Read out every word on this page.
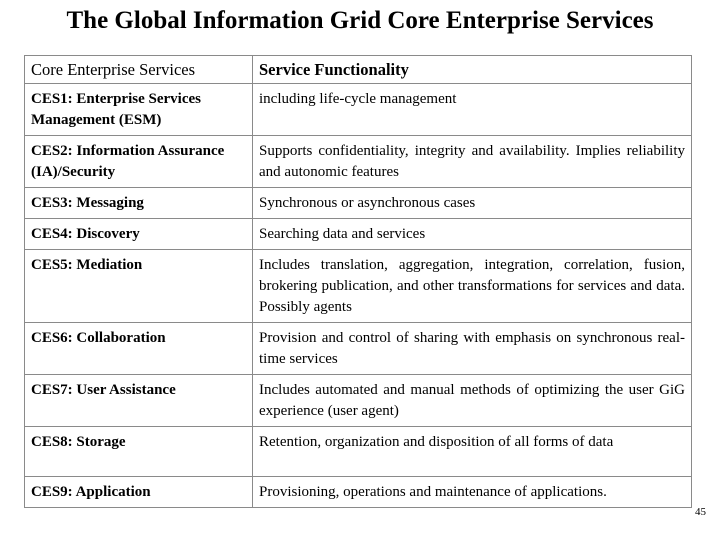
The Global Information Grid Core Enterprise Services
Core Enterprise Services	Service Functionality
CES1: Enterprise Services Management (ESM)	including life-cycle management
CES2: Information Assurance (IA)/Security	Supports confidentiality, integrity and availability. Implies reliability and autonomic features
CES3: Messaging	Synchronous or asynchronous cases
CES4: Discovery	Searching data and services
CES5: Mediation	Includes translation, aggregation, integration, correlation, fusion, brokering publication, and other transformations for services and data. Possibly agents
CES6: Collaboration	Provision and control of sharing with emphasis on synchronous real-time services
CES7: User Assistance	Includes automated and manual methods of optimizing the user GiG experience (user agent)
CES8: Storage	Retention, organization and disposition of all forms of data
CES9: Application	Provisioning, operations and maintenance of applications.
45
